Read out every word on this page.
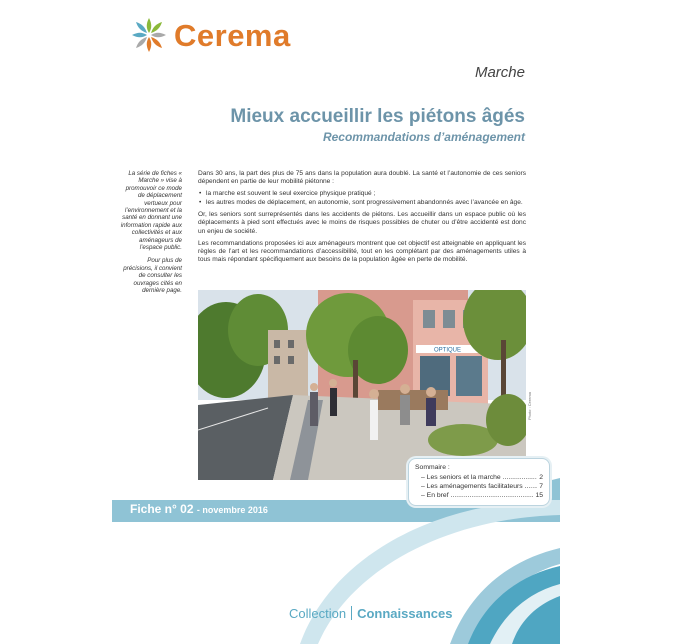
Cerema
Marche
Mieux accueillir les piétons âgés
Recommandations d’aménagement

La série de fiches « Marche » vise à promouvoir ce mode de déplacement vertueux pour l’environnement et la santé en donnant une information rapide aux collectivités et aux aménageurs de l’espace public.

Pour plus de précisions, il convient de consulter les ouvrages cités en dernière page.

Dans 30 ans, la part des plus de 75 ans dans la population aura doublé. La santé et l’autonomie de ces seniors dépendent en partie de leur mobilité piétonne :

• la marche est souvent le seul exercice physique pratiqué ;
• les autres modes de déplacement, en autonomie, sont progressivement abandonnés avec l’avancée en âge.

Or, les seniors sont surreprésentés dans les accidents de piétons. Les accueillir dans un espace public où les déplacements à pied sont effectués avec le moins de risques possibles de chuter ou d’être accidenté est donc un enjeu de société.

Les recommandations proposées ici aux aménageurs montrent que cet objectif est atteignable en appliquant les règles de l’art et les recommandations d’accessibilité, tout en les complétant par des aménagements utiles à tous mais répondant spécifiquement aux besoins de la population âgée en perte de mobilité.

OPTIQUE
Photo : Cerema
Sommaire :
– Les seniors et la marche .....	2
– Les aménagements facilitateurs ..... 7
– En bref .....	15
Fiche n° 02 - novembre 2016
Collection Connaissances
